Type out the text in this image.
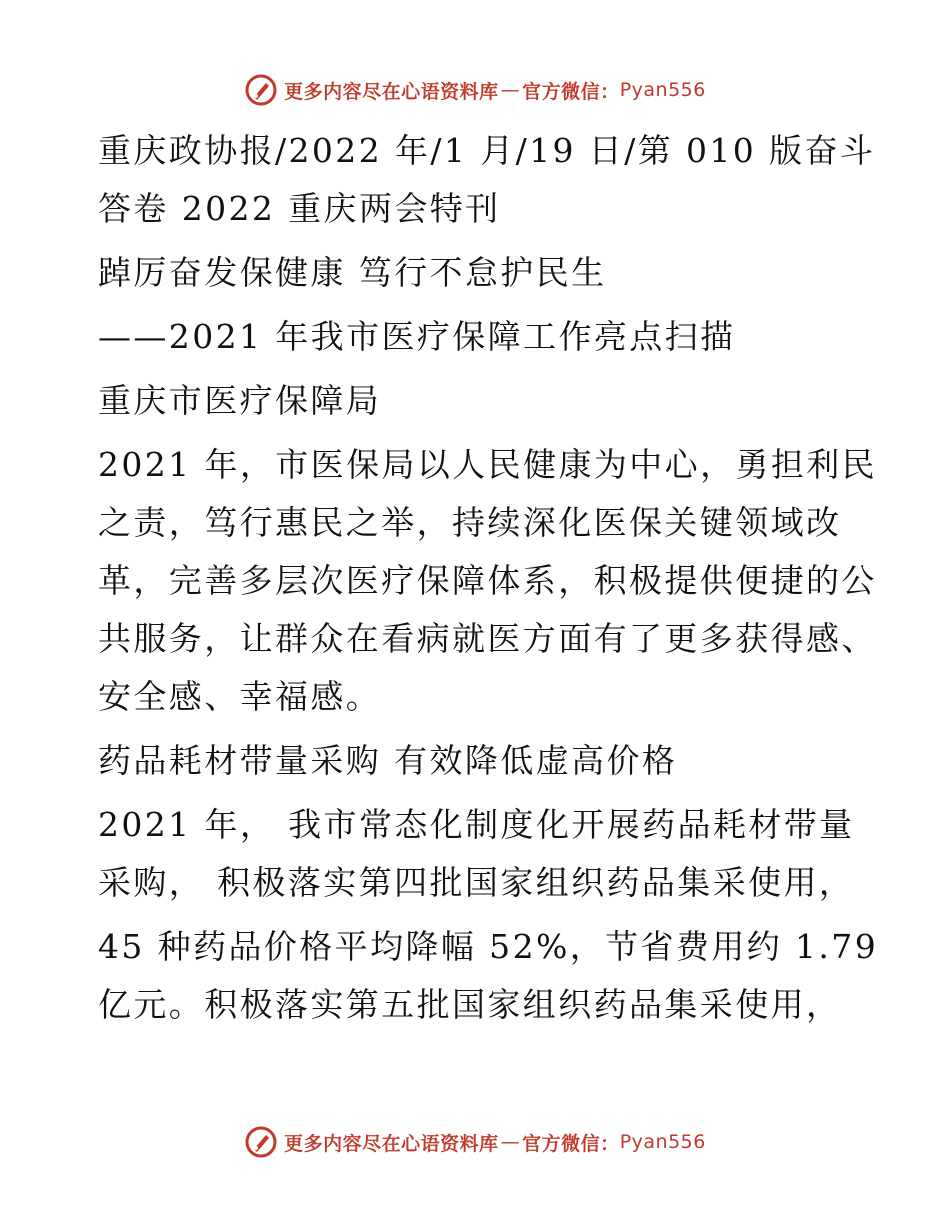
更多内容尽在心语资料库 — 官方微信： Pyan556
重庆政协报/2022 年/1 月/19 日/第 010 版奋斗
答卷 2022 重庆两会特刊
踔厉奋发保健康 笃行不怠护民生
——2021 年我市医疗保障工作亮点扫描
重庆市医疗保障局
2021 年，市医保局以人民健康为中心，勇担利民
之责，笃行惠民之举，持续深化医保关键领域改
革，完善多层次医疗保障体系，积极提供便捷的公
共服务，让群众在看病就医方面有了更多获得感、
安全感、幸福感。
药品耗材带量采购 有效降低虚高价格
2021 年， 我市常态化制度化开展药品耗材带量
采购， 积极落实第四批国家组织药品集采使用，
45 种药品价格平均降幅 52%，节省费用约 1.79
亿元。积极落实第五批国家组织药品集采使用，
更多内容尽在心语资料库 — 官方微信： Pyan556
